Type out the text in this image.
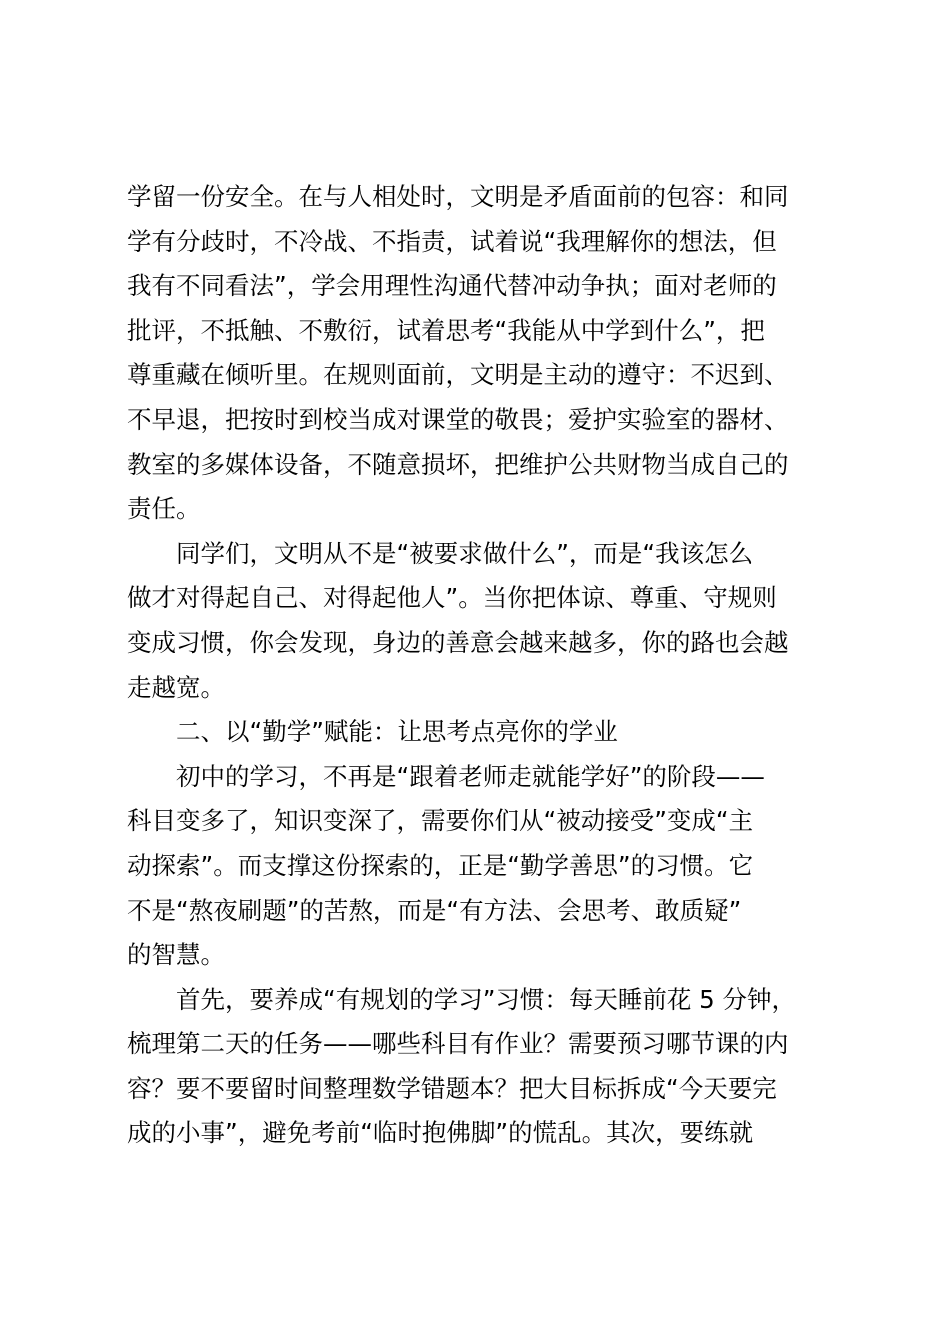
学留一份安全。在与人相处时，文明是矛盾面前的包容：和同
学有分歧时，不冷战、不指责，试着说“我理解你的想法，但
我有不同看法”，学会用理性沟通代替冲动争执；面对老师的
批评，不抵触、不敷衍，试着思考“我能从中学到什么”，把
尊重藏在倾听里。在规则面前，文明是主动的遵守：不迟到、
不早退，把按时到校当成对课堂的敬畏；爱护实验室的器材、
教室的多媒体设备，不随意损坏，把维护公共财物当成自己的
责任。
同学们，文明从不是“被要求做什么”，而是“我该怎么
做才对得起自己、对得起他人”。当你把体谅、尊重、守规则
变成习惯，你会发现，身边的善意会越来越多，你的路也会越
走越宽。
二、以“勤学”赋能：让思考点亮你的学业
初中的学习，不再是“跟着老师走就能学好”的阶段——
科目变多了，知识变深了，需要你们从“被动接受”变成“主
动探索”。而支撑这份探索的，正是“勤学善思”的习惯。它
不是“熬夜刷题”的苦熬，而是“有方法、会思考、敢质疑”
的智慧。
首先，要养成“有规划的学习”习惯：每天睡前花 5 分钟，
梳理第二天的任务——哪些科目有作业？需要预习哪节课的内
容？要不要留时间整理数学错题本？把大目标拆成“今天要完
成的小事”，避免考前“临时抱佛脚”的慌乱。其次，要练就
